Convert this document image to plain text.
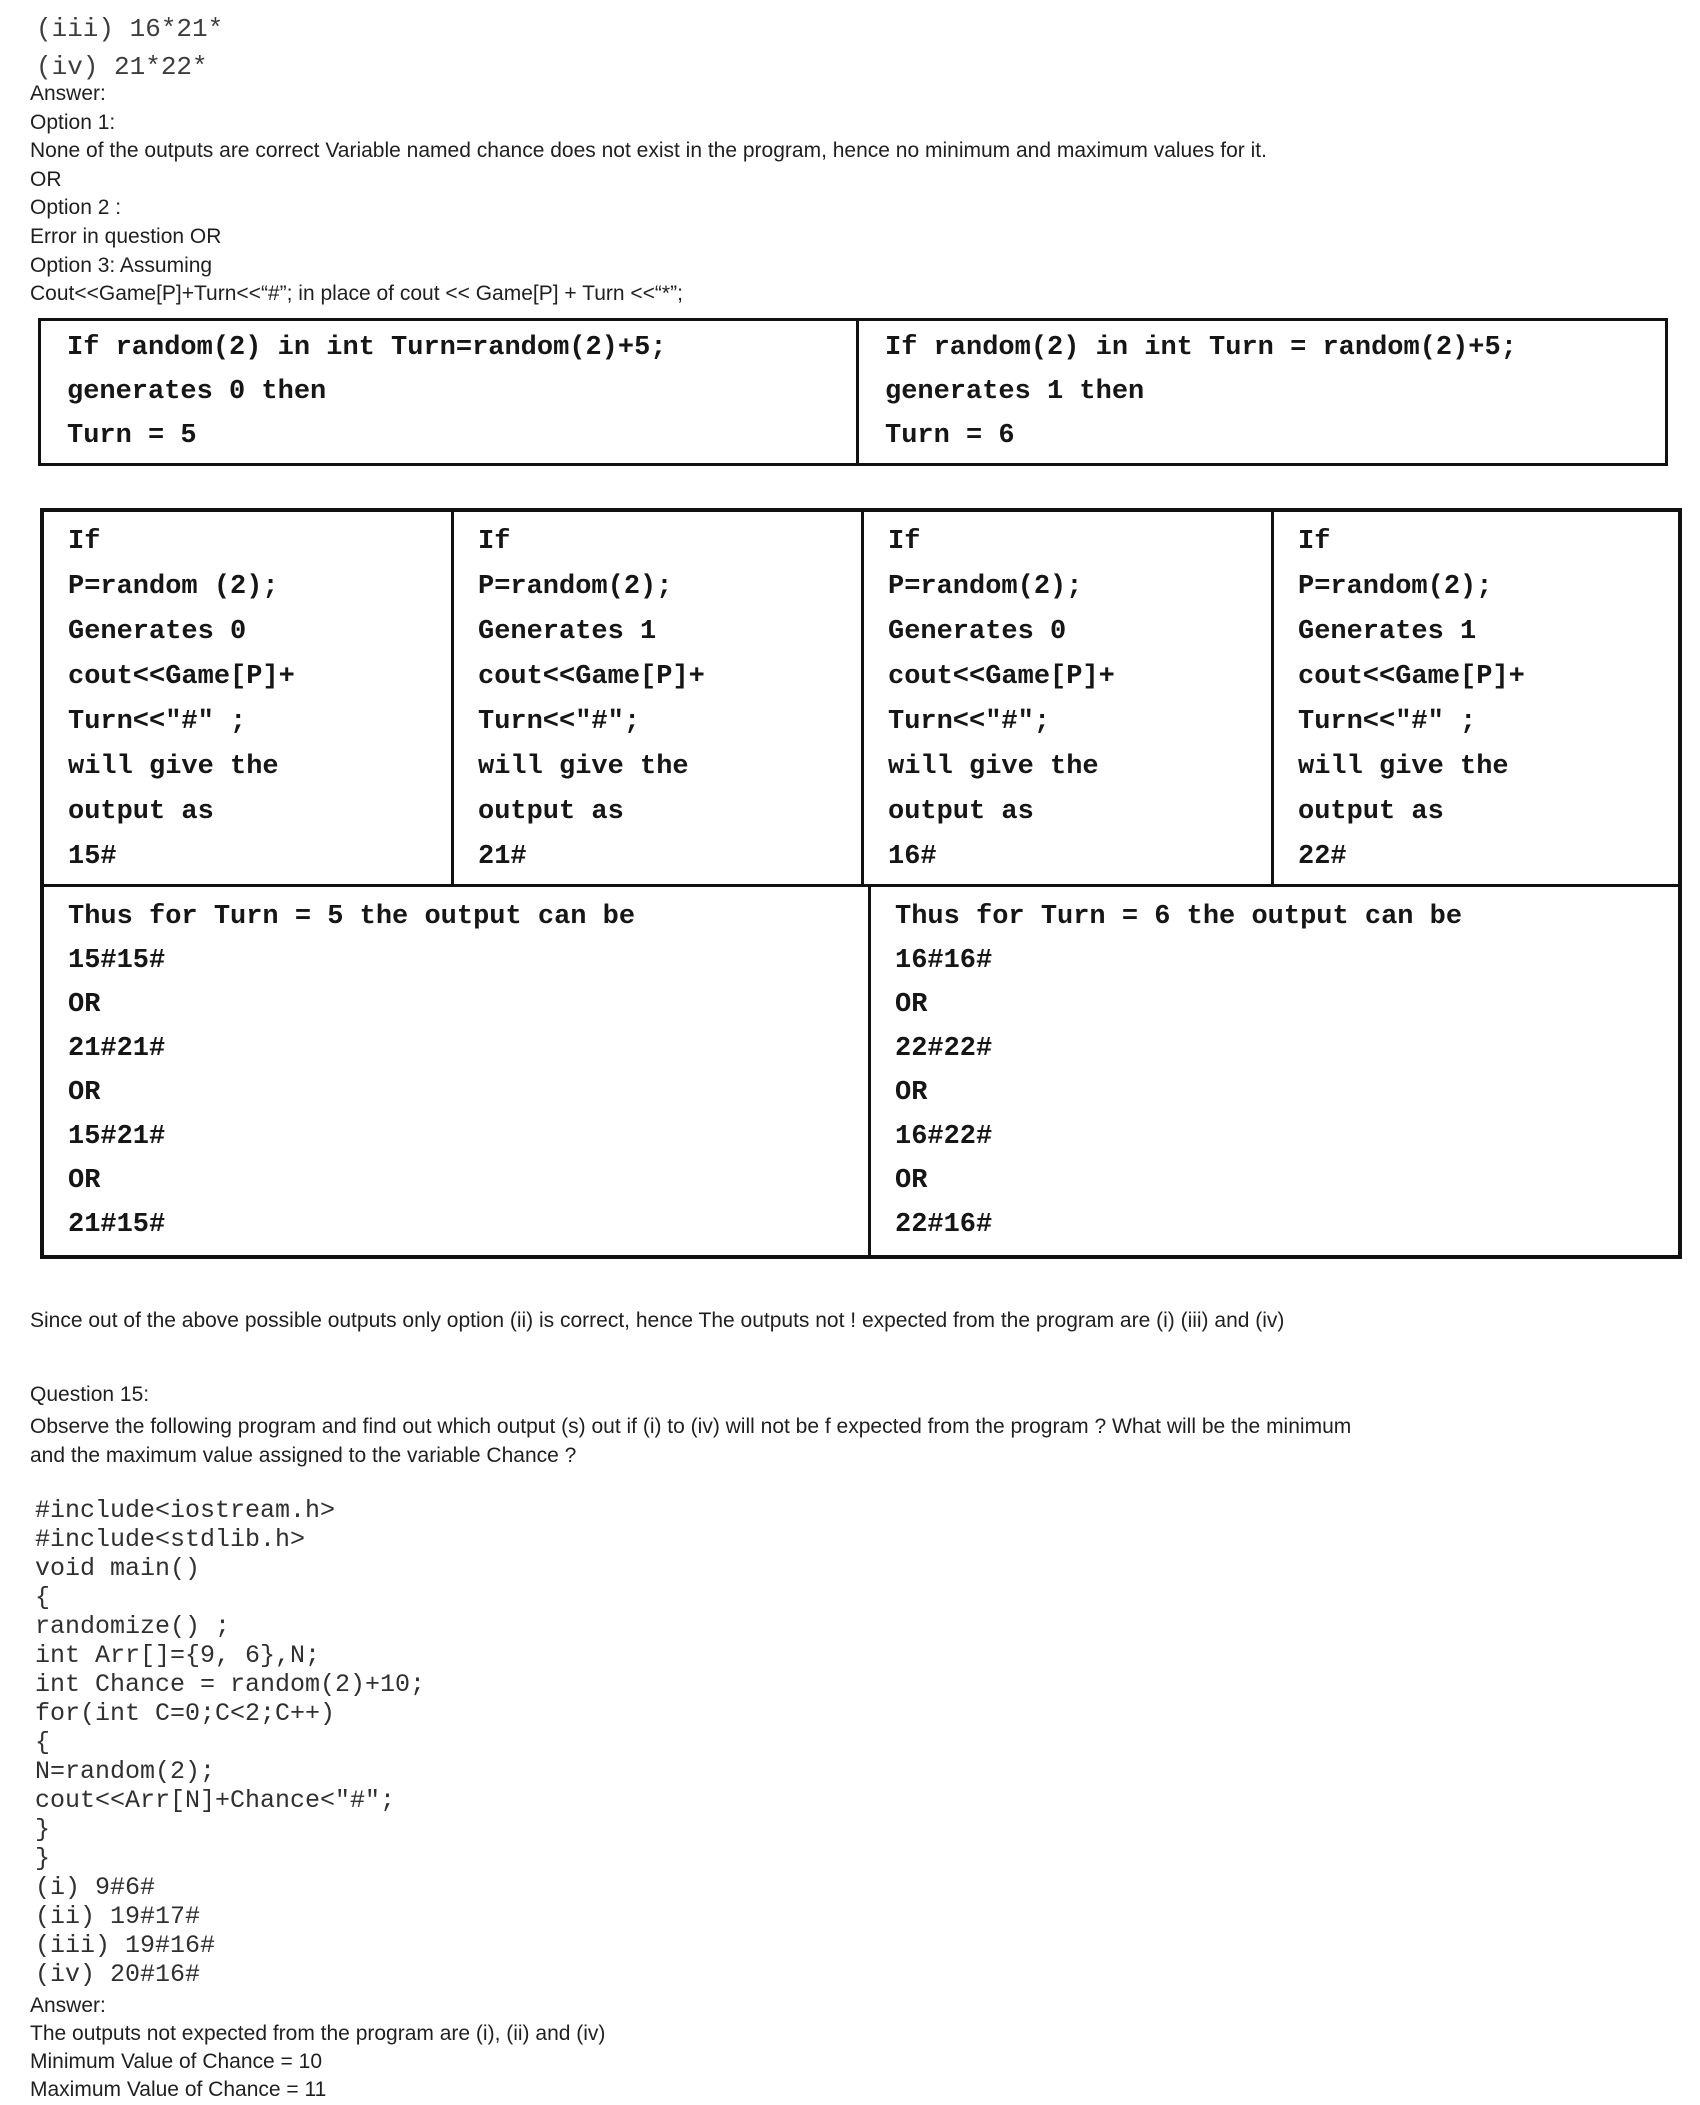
(iii) 16*21*
(iv) 21*22*
Answer:
Option 1:
None of the outputs are correct Variable named chance does not exist in the program, hence no minimum and maximum values for it.
OR
Option 2 :
Error in question OR
Option 3: Assuming
Cout<<Game[P]+Turn<<“#”; in place of cout << Game[P] + Turn <<“*”;
If random(2) in int Turn=random(2)+5;
generates 0 then
Turn = 5
If random(2) in int Turn = random(2)+5;
generates 1 then
Turn = 6
If
P=random (2);
Generates 0
cout<<Game[P]+
Turn<<"#" ;
will give the
output as
15#
If
P=random(2);
Generates 1
cout<<Game[P]+
Turn<<"#";
will give the
output as
21#
If
P=random(2);
Generates 0
cout<<Game[P]+
Turn<<"#";
will give the
output as
16#
If
P=random(2);
Generates 1
cout<<Game[P]+
Turn<<"#" ;
will give the
output as
22#
Thus for Turn = 5 the output can be
15#15#
OR
21#21#
OR
15#21#
OR
21#15#
Thus for Turn = 6 the output can be
16#16#
OR
22#22#
OR
16#22#
OR
22#16#
Since out of the above possible outputs only option (ii) is correct, hence The outputs not ! expected from the program are (i) (iii) and (iv)
Question 15:
Observe the following program and find out which output (s) out if (i) to (iv) will not be f expected from the program ? What will be the minimum
and the maximum value assigned to the variable Chance ?
#include<iostream.h>
#include<stdlib.h>
void main()
{
randomize() ;
int Arr[]={9, 6},N;
int Chance = random(2)+10;
for(int C=0;C<2;C++)
{
N=random(2);
cout<<Arr[N]+Chance<"#";
}
}
(i) 9#6#
(ii) 19#17#
(iii) 19#16#
(iv) 20#16#
Answer:
The outputs not expected from the program are (i), (ii) and (iv)
Minimum Value of Chance = 10
Maximum Value of Chance = 11
